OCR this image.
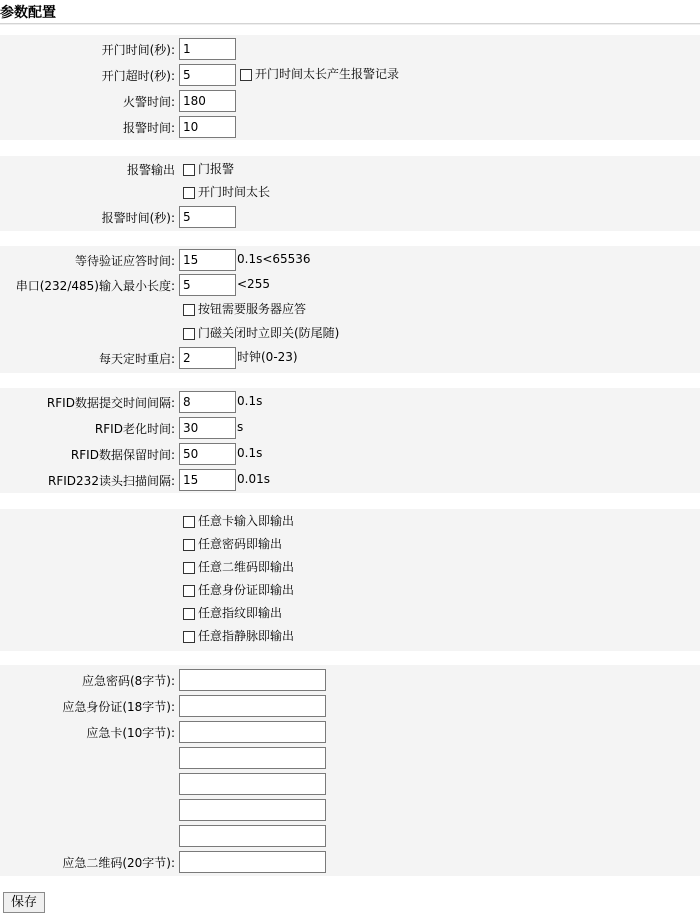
参数配置
开门时间(秒):
1
开门超时(秒):
5	开门时间太长产生报警记录
火警时间:
180
报警时间:
10
报警输出 门报警
开门时间太长
报警时间(秒):
5
等待验证应答时间:
15	0.1s<65536
串口(232/485)输入最小长度:
5	<255
按钮需要服务器应答
门磁关闭时立即关(防尾随)
每天定时重启:
2	时钟(0-23)
RFID数据提交时间间隔:
8	0.1s
RFID老化时间:
30	s
RFID数据保留时间:
50	0.1s
RFID232读头扫描间隔:
15	0.01s
任意卡输入即输出
任意密码即输出
任意二维码即输出
任意身份证即输出
任意指纹即输出
任意指静脉即输出
应急密码(8字节):
应急身份证(18字节):
应急卡(10字节):
应急二维码(20字节):
保存
